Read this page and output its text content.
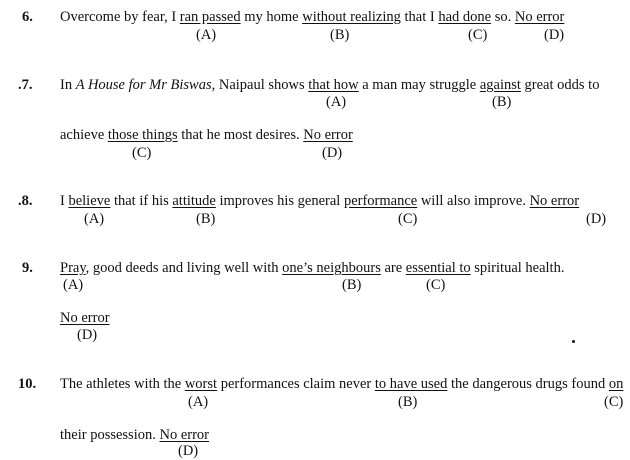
6. Overcome by fear, I ran passed my home without realizing that I had done so. No error
(A)	(B)	(C)	(D)
.7. In A House for Mr Biswas, Naipaul shows that how a man may struggle against great odds to
(A)	(B)
achieve those things that he most desires. No error
(C)	(D)
.8. I believe that if his attitude improves his general performance will also improve. No error
(A)	(B)	(C)	(D)
9. Pray, good deeds and living well with one’s neighbours are essential to spiritual health.
(A)	(B)	(C)
No error
(D)
10. The athletes with the worst performances claim never to have used the dangerous drugs found on
(A)	(B)	(C)
their possession. No error
(D)
